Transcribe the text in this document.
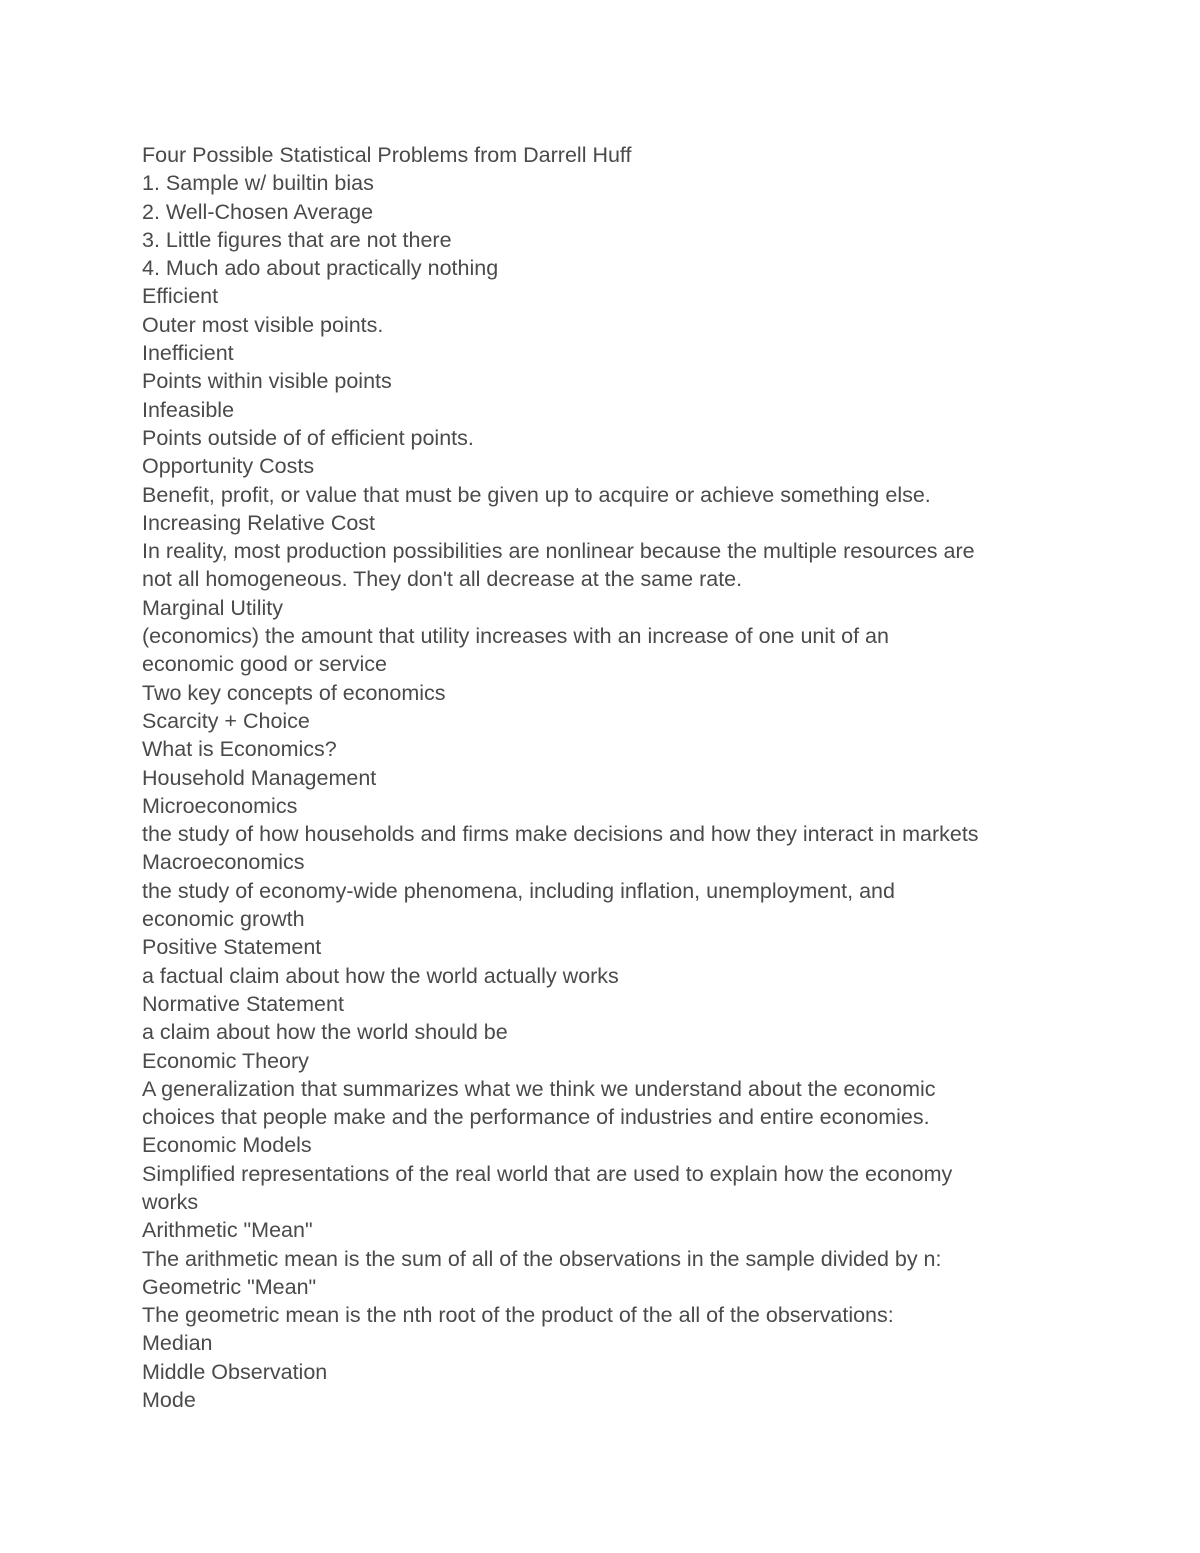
Four Possible Statistical Problems from Darrell Huff
1. Sample w/ builtin bias
2. Well-Chosen Average
3. Little figures that are not there
4. Much ado about practically nothing
Efficient
Outer most visible points.
Inefficient
Points within visible points
Infeasible
Points outside of of efficient points.
Opportunity Costs
Benefit, profit, or value that must be given up to acquire or achieve something else.
Increasing Relative Cost
In reality, most production possibilities are nonlinear because the multiple resources are
not all homogeneous. They don't all decrease at the same rate.
Marginal Utility
(economics) the amount that utility increases with an increase of one unit of an
economic good or service
Two key concepts of economics
Scarcity + Choice
What is Economics?
Household Management
Microeconomics
the study of how households and firms make decisions and how they interact in markets
Macroeconomics
the study of economy-wide phenomena, including inflation, unemployment, and
economic growth
Positive Statement
a factual claim about how the world actually works
Normative Statement
a claim about how the world should be
Economic Theory
A generalization that summarizes what we think we understand about the economic
choices that people make and the performance of industries and entire economies.
Economic Models
Simplified representations of the real world that are used to explain how the economy
works
Arithmetic "Mean"
The arithmetic mean is the sum of all of the observations in the sample divided by n:
Geometric "Mean"
The geometric mean is the nth root of the product of the all of the observations:
Median
Middle Observation
Mode
